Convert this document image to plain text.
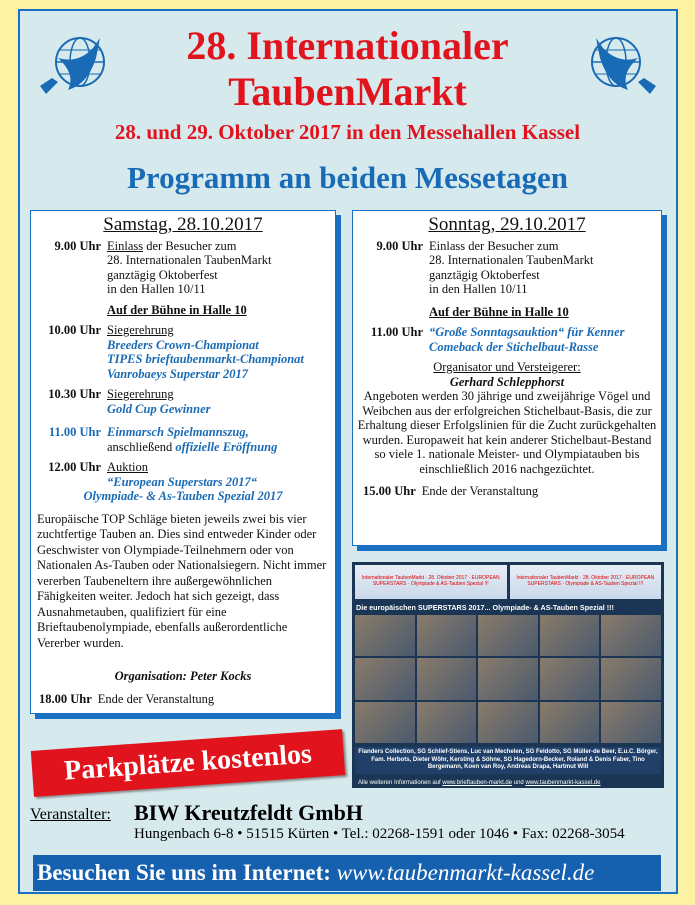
28. Internationaler
TaubenMarkt
28. und 29. Oktober 2017 in den Messehallen Kassel
Programm an beiden Messetagen
Samstag, 28.10.2017
9.00 Uhr Einlass der Besucher zum
28. Internationalen TaubenMarkt
ganztägig Oktoberfest
in den Hallen 10/11
Auf der Bühne in Halle 10
10.00 Uhr Siegerehrung
Breeders Crown-Championat
TIPES brieftaubenmarkt-Championat
Vanrobaeys Superstar 2017
10.30 Uhr Siegerehrung
Gold Cup Gewinner
11.00 Uhr Einmarsch Spielmannszug,
anschließend offizielle Eröffnung
12.00 Uhr Auktion
“European Superstars 2017“
Olympiade- & As-Tauben Spezial 2017
Europäische TOP Schläge bieten jeweils zwei bis vier zuchtfertige Tauben an. Dies sind entweder Kinder oder Geschwister von Olympiade-Teilnehmern oder von Nationalen As-Tauben oder Nationalsiegern. Nicht immer vererben Taubeneltern ihre außergewöhnlichen Fähigkeiten weiter. Jedoch hat sich gezeigt, dass Ausnahmetauben, qualifiziert für eine Brieftaubenolympiade, ebenfalls außerordentliche Vererber wurden.
Organisation: Peter Kocks
18.00 Uhr Ende der Veranstaltung
Sonntag, 29.10.2017
9.00 Uhr Einlass der Besucher zum
28. Internationalen TaubenMarkt
ganztägig Oktoberfest
in den Hallen 10/11
Auf der Bühne in Halle 10
11.00 Uhr “Große Sonntagsauktion“ für Kenner
Comeback der Stichelbaut-Rasse
Organisator und Versteigerer:
Gerhard Schlepphorst
Angeboten werden 30 jährige und zweijährige Vögel und Weibchen aus der erfolgreichen Stichelbaut-Basis, die zur Erhaltung dieser Erfolgslinien für die Zucht zurückgehalten wurden. Europaweit hat kein anderer Stichelbaut-Bestand so viele 1. nationale Meister- und Olympiatauben bis einschließlich 2016 nachgezüchtet.
15.00 Uhr Ende der Veranstaltung
Internationaler TaubenMarkt · 28. Oktober 2017 · EUROPEAN SUPERSTARS · Olympiade & AS-Tauben Spezial !!!
Internationaler TaubenMarkt · 28. Oktober 2017 · EUROPEAN SUPERSTARS · Olympiade & AS-Tauben Spezial !!!
Die europäischen SUPERSTARS 2017... Olympiade- & AS-Tauben Spezial !!!
Flanders Collection, SG Schlief-Stiens, Luc van Mechelen, SG Feldotto, SG Müller-de Beer, E.u.C. Börger, Fam. Herbots, Dieter Wöhr, Kersting & Söhne, SG Hagedorn-Becker, Roland & Denis Faber, Tino Bergemann, Koen van Roy, Andreas Drapa, Hartmut Will
Alle weiteren Informationen auf www.brieftauben-markt.de und www.taubenmarkt-kassel.de
Parkplätze kostenlos
Veranstalter: BIW Kreutzfeldt GmbH
Hungenbach 6-8 • 51515 Kürten • Tel.: 02268-1591 oder 1046 • Fax: 02268-3054
Besuchen Sie uns im Internet: www.taubenmarkt-kassel.de
